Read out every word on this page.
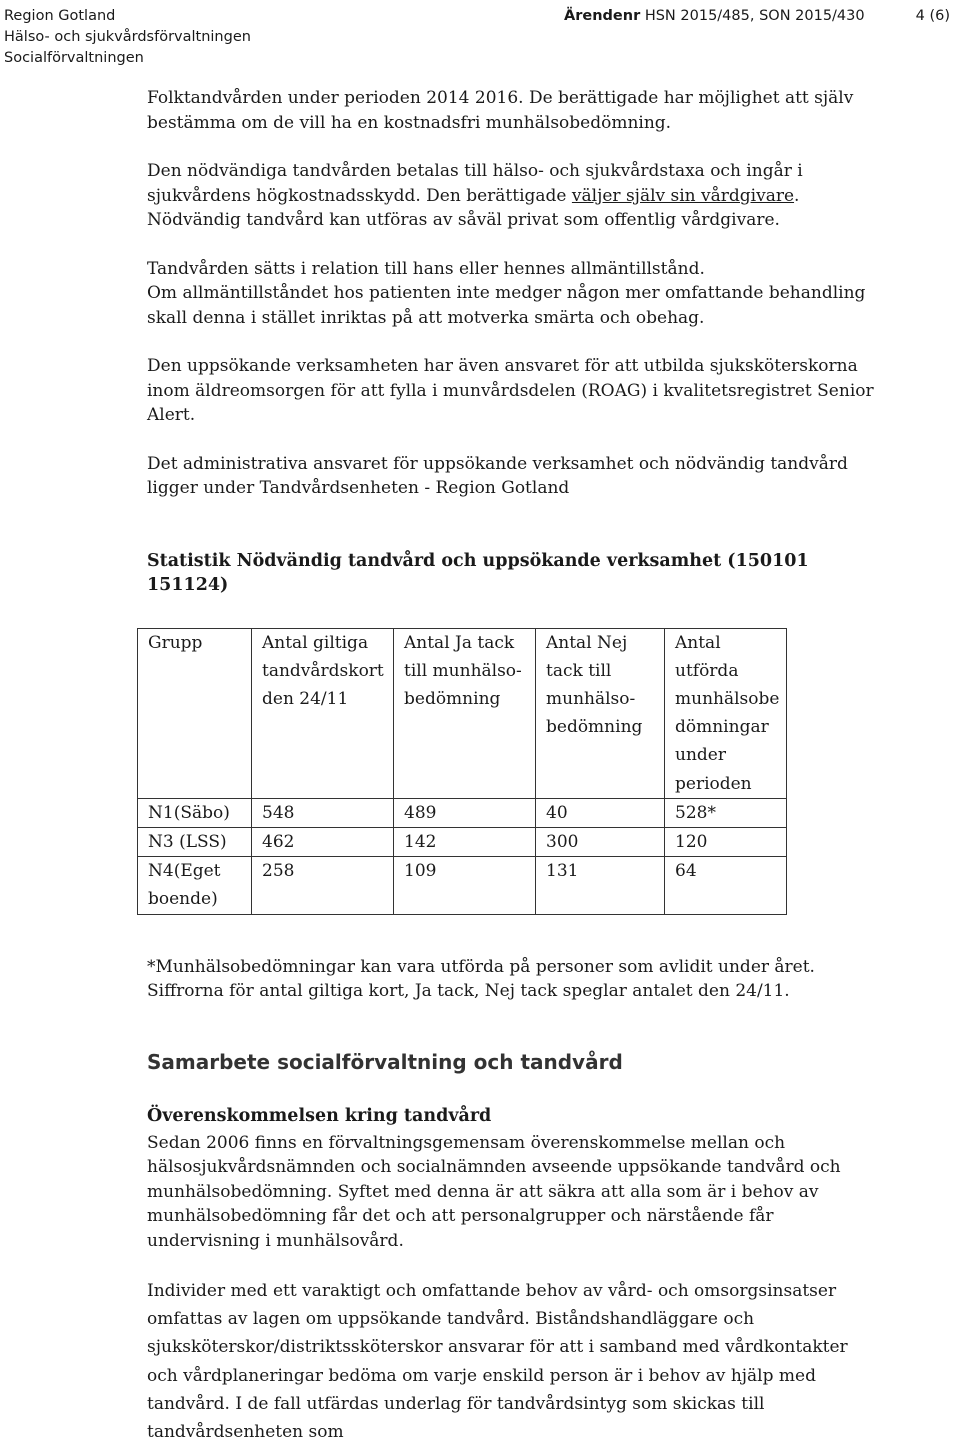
Region Gotland
Hälso- och sjukvårdsförvaltningen
Socialförvaltningen
Ärendenr HSN 2015/485, SON 2015/430	4 (6)

Folktandvården under perioden 2014 2016. De berättigade har möjlighet att själv bestämma om de vill ha en kostnadsfri munhälsobedömning.

Den nödvändiga tandvården betalas till hälso- och sjukvårdstaxa och ingår i sjukvårdens högkostnadsskydd. Den berättigade väljer själv sin vårdgivare.

Nödvändig tandvård kan utföras av såväl privat som offentlig vårdgivare.

Tandvården sätts i relation till hans eller hennes allmäntillstånd.

Om allmäntillståndet hos patienten inte medger någon mer omfattande behandling skall denna i stället inriktas på att motverka smärta och obehag.

Den uppsökande verksamheten har även ansvaret för att utbilda sjuksköterskorna inom äldreomsorgen för att fylla i munvårdsdelen (ROAG) i kvalitetsregistret Senior Alert.

Det administrativa ansvaret för uppsökande verksamhet och nödvändig tandvård ligger under Tandvårdsenheten - Region Gotland

Statistik Nödvändig tandvård och uppsökande verksamhet (150101 151124)

Grupp	Antal giltiga tandvårdskort den 24/11	Antal Ja tack till munhälso- bedömning	Antal Nej tack till munhälso- bedömning	Antal utförda munhälsobe dömningar under perioden
N1(Säbo)	548	489	40	528*
N3 (LSS)	462	142	300	120
N4(Eget boende)	258	109	131	64

*Munhälsobedömningar kan vara utförda på personer som avlidit under året.

Siffrorna för antal giltiga kort, Ja tack, Nej tack speglar antalet den 24/11.

Samarbete socialförvaltning och tandvård

Överenskommelsen kring tandvård

Sedan 2006 finns en förvaltningsgemensam överenskommelse mellan och hälsosjukvårdsnämnden och socialnämnden avseende uppsökande tandvård och munhälsobedömning. Syftet med denna är att säkra att alla som är i behov av munhälsobedömning får det och att personalgrupper och närstående får undervisning i munhälsovård.

Individer med ett varaktigt och omfattande behov av vård- och omsorgsinsatser omfattas av lagen om uppsökande tandvård. Biståndshandläggare och sjuksköterskor/distriktssköterskor ansvarar för att i samband med vårdkontakter och vårdplaneringar bedöma om varje enskild person är i behov av hjälp med tandvård. I de fall utfärdas underlag för tandvårdsintyg som skickas till tandvårdsenheten som
